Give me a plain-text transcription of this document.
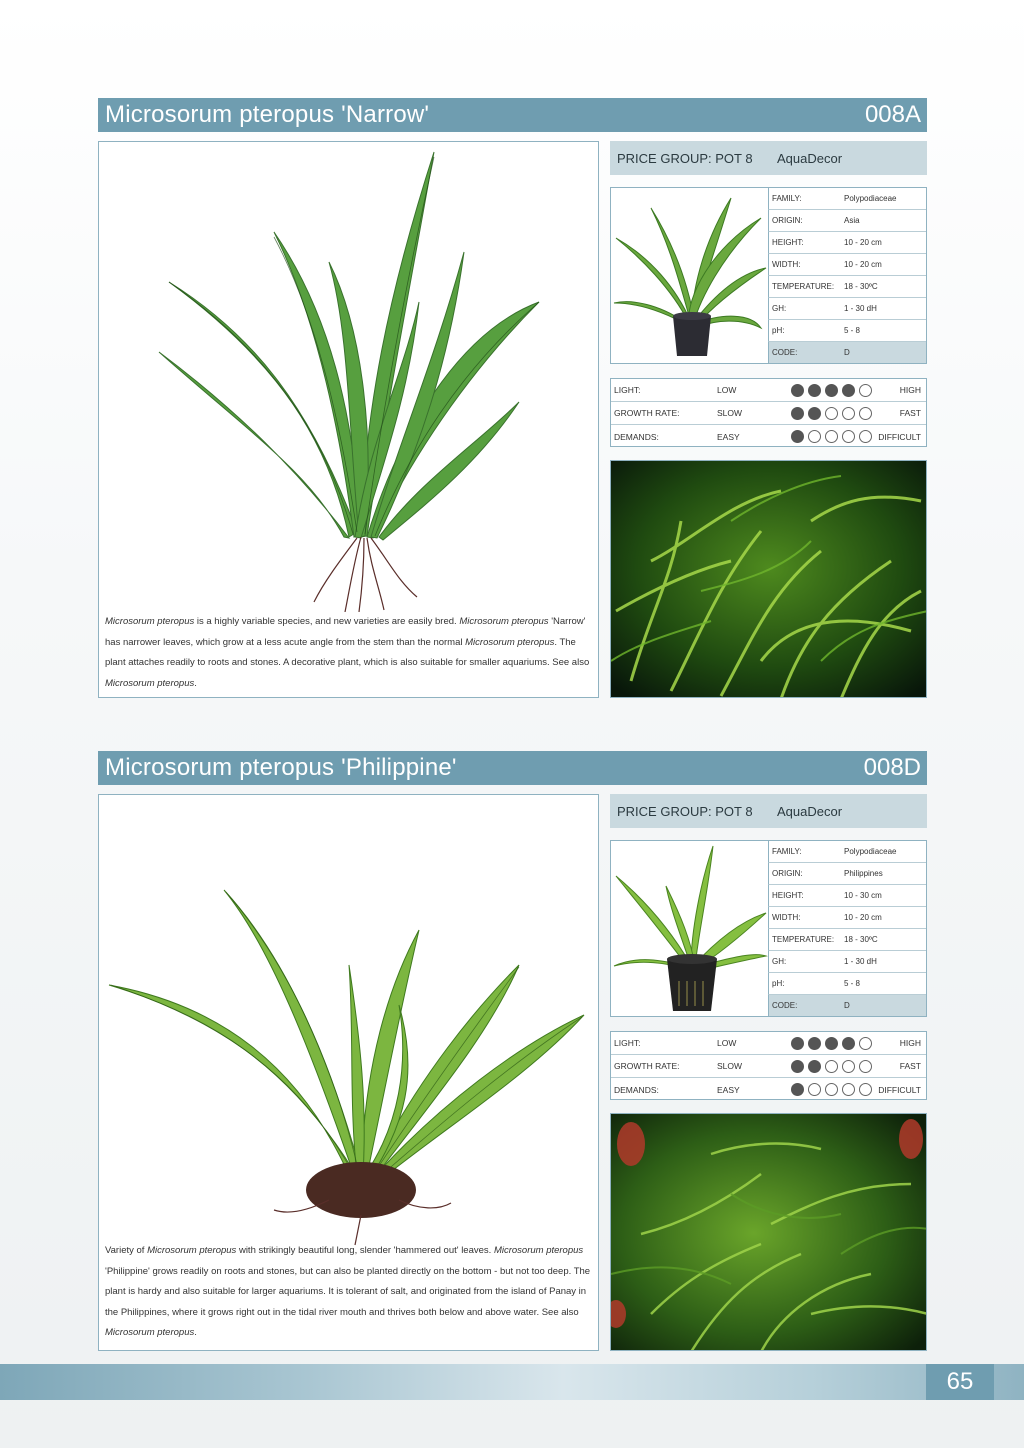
Microsorum pteropus 'Narrow'	008A
Microsorum pteropus is a highly variable species, and new varieties are easily bred. Microsorum pteropus 'Narrow' has narrower leaves, which grow at a less acute angle from the stem than the normal Microsorum pteropus. The plant attaches readily to roots and stones. A decorative plant, which is also suitable for smaller aquariums. See also Microsorum pteropus.
PRICE GROUP: POT 8	AquaDecor
FAMILY:	Polypodiaceae
ORIGIN:	Asia
HEIGHT:	10 - 20 cm
WIDTH:	10 - 20 cm
TEMPERATURE:	18 - 30ºC
GH:	1 - 30 dH
pH:	5 - 8
CODE:	D
LIGHT:	LOW	HIGH
GROWTH RATE:	SLOW	FAST
DEMANDS:	EASY	DIFFICULT
Microsorum pteropus 'Philippine'	008D
Variety of Microsorum pteropus with strikingly beautiful long, slender 'hammered out' leaves. Microsorum pteropus 'Philippine' grows readily on roots and stones, but can also be planted directly on the bottom - but not too deep. The plant is hardy and also suitable for larger aquariums. It is tolerant of salt, and originated from the island of Panay in the Philippines, where it grows right out in the tidal river mouth and thrives both below and above water. See also Microsorum pteropus.
PRICE GROUP: POT 8	AquaDecor
FAMILY:	Polypodiaceae
ORIGIN:	Philippines
HEIGHT:	10 - 30 cm
WIDTH:	10 - 20 cm
TEMPERATURE:	18 - 30ºC
GH:	1 - 30 dH
pH:	5 - 8
CODE:	D
LIGHT:	LOW	HIGH
GROWTH RATE:	SLOW	FAST
DEMANDS:	EASY	DIFFICULT
65
